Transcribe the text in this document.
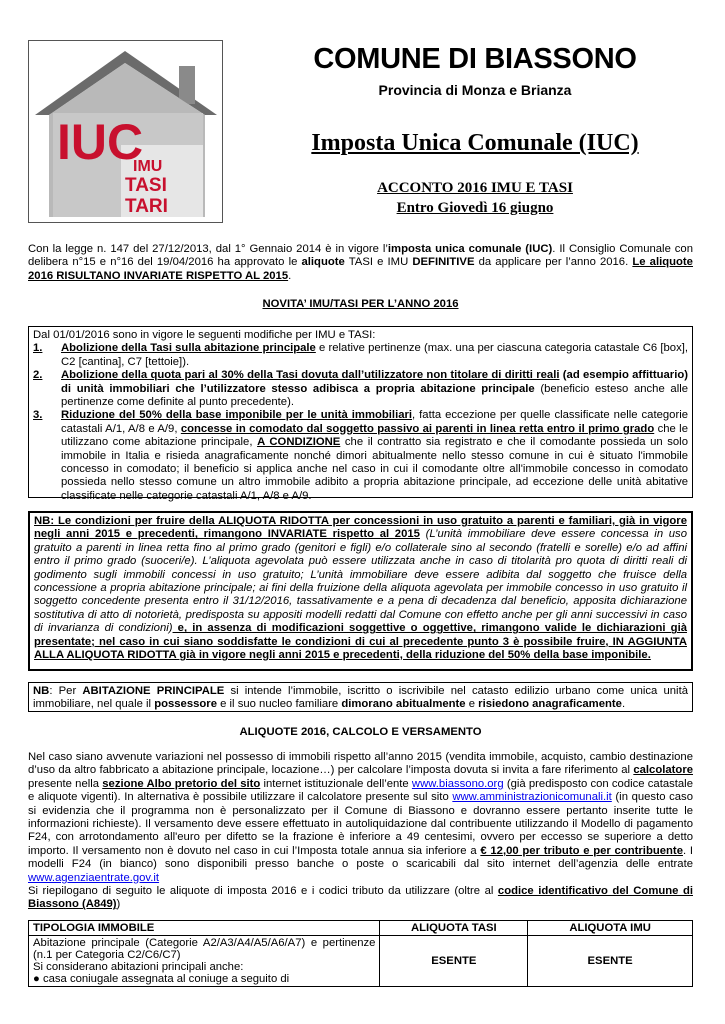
IUC
IMU
TASI
TARI
COMUNE DI BIASSONO
Provincia di Monza e Brianza
Imposta Unica Comunale (IUC)
ACCONTO 2016 IMU E TASI
Entro Giovedì 16 giugno
Con la legge n. 147 del 27/12/2013, dal 1° Gennaio 2014 è in vigore l’imposta unica comunale (IUC). Il Consiglio Comunale con delibera n°15 e n°16 del 19/04/2016 ha approvato le aliquote TASI e IMU DEFINITIVE da applicare per l’anno 2016. Le aliquote 2016 RISULTANO INVARIATE RISPETTO AL 2015.
NOVITA’ IMU/TASI PER L’ANNO 2016
Dal 01/01/2016 sono in vigore le seguenti modifiche per IMU e TASI:
1. Abolizione della Tasi sulla abitazione principale e relative pertinenze (max. una per ciascuna categoria catastale C6 [box], C2 [cantina], C7 [tettoie]).
2. Abolizione della quota pari al 30% della Tasi dovuta dall’utilizzatore non titolare di diritti reali (ad esempio affittuario) di unità immobiliari che l’utilizzatore stesso adibisca a propria abitazione principale (beneficio esteso anche alle pertinenze come definite al punto precedente).
3. Riduzione del 50% della base imponibile per le unità immobiliari, fatta eccezione per quelle classificate nelle categorie catastali A/1, A/8 e A/9, concesse in comodato dal soggetto passivo ai parenti in linea retta entro il primo grado che le utilizzano come abitazione principale, A CONDIZIONE che il contratto sia registrato e che il comodante possieda un solo immobile in Italia e risieda anagraficamente nonché dimori abitualmente nello stesso comune in cui è situato l'immobile concesso in comodato; il beneficio si applica anche nel caso in cui il comodante oltre all'immobile concesso in comodato possieda nello stesso comune un altro immobile adibito a propria abitazione principale, ad eccezione delle unità abitative classificate nelle categorie catastali A/1, A/8 e A/9.
NB: Le condizioni per fruire della ALIQUOTA RIDOTTA per concessioni in uso gratuito a parenti e familiari, già in vigore negli anni 2015 e precedenti, rimangono INVARIATE rispetto al 2015 (L’unità immobiliare deve essere concessa in uso gratuito a parenti in linea retta fino al primo grado (genitori e figli) e/o collaterale sino al secondo (fratelli e sorelle) e/o ad affini entro il primo grado (suoceri/e). L’aliquota agevolata può essere utilizzata anche in caso di titolarità pro quota di diritti reali di godimento sugli immobili concessi in uso gratuito; L’unità immobiliare deve essere adibita dal soggetto che fruisce della concessione a propria abitazione principale; ai fini della fruizione della aliquota agevolata per immobile concesso in uso gratuito il soggetto concedente presenta entro il 31/12/2016, tassativamente e a pena di decadenza dal beneficio, apposita dichiarazione sostitutiva di atto di notorietà, predisposta su appositi modelli redatti dal Comune con effetto anche per gli anni successivi in caso di invarianza di condizioni) e, in assenza di modificazioni soggettive o oggettive, rimangono valide le dichiarazioni già presentate; nel caso in cui siano soddisfatte le condizioni di cui al precedente punto 3 è possibile fruire, IN AGGIUNTA ALLA ALIQUOTA RIDOTTA già in vigore negli anni 2015 e precedenti, della riduzione del 50% della base imponibile.
NB: Per ABITAZIONE PRINCIPALE si intende l’immobile, iscritto o iscrivibile nel catasto edilizio urbano come unica unità immobiliare, nel quale il possessore e il suo nucleo familiare dimorano abitualmente e risiedono anagraficamente.
ALIQUOTE 2016, CALCOLO E VERSAMENTO
Nel caso siano avvenute variazioni nel possesso di immobili rispetto all’anno 2015 (vendita immobile, acquisto, cambio destinazione d’uso da altro fabbricato a abitazione principale, locazione…) per calcolare l’imposta dovuta si invita a fare riferimento al calcolatore presente nella sezione Albo pretorio del sito internet istituzionale dell’ente www.biassono.org (già predisposto con codice catastale e aliquote vigenti). In alternativa è possibile utilizzare il calcolatore presente sul sito www.amministrazionicomunali.it (in questo caso si evidenzia che il programma non è personalizzato per il Comune di Biassono e dovranno essere pertanto inserite tutte le informazioni richieste). Il versamento deve essere effettuato in autoliquidazione dal contribuente utilizzando il Modello di pagamento F24, con arrotondamento all'euro per difetto se la frazione è inferiore a 49 centesimi, ovvero per eccesso se superiore a detto importo. Il versamento non è dovuto nel caso in cui l’Imposta totale annua sia inferiore a € 12,00 per tributo e per contribuente. I modelli F24 (in bianco) sono disponibili presso banche o poste o scaricabili dal sito internet dell’agenzia delle entrate www.agenziaentrate.gov.it
Si riepilogano di seguito le aliquote di imposta 2016 e i codici tributo da utilizzare (oltre al codice identificativo del Comune di Biassono (A849))
TIPOLOGIA IMMOBILE	ALIQUOTA TASI	ALIQUOTA IMU

Abitazione principale (Categorie A2/A3/A4/A5/A6/A7) e pertinenze (n.1 per Categoria C2/C6/C7)
Si considerano abitazioni principali anche:
● casa coniugale assegnata al coniuge a seguito di	ESENTE	ESENTE
